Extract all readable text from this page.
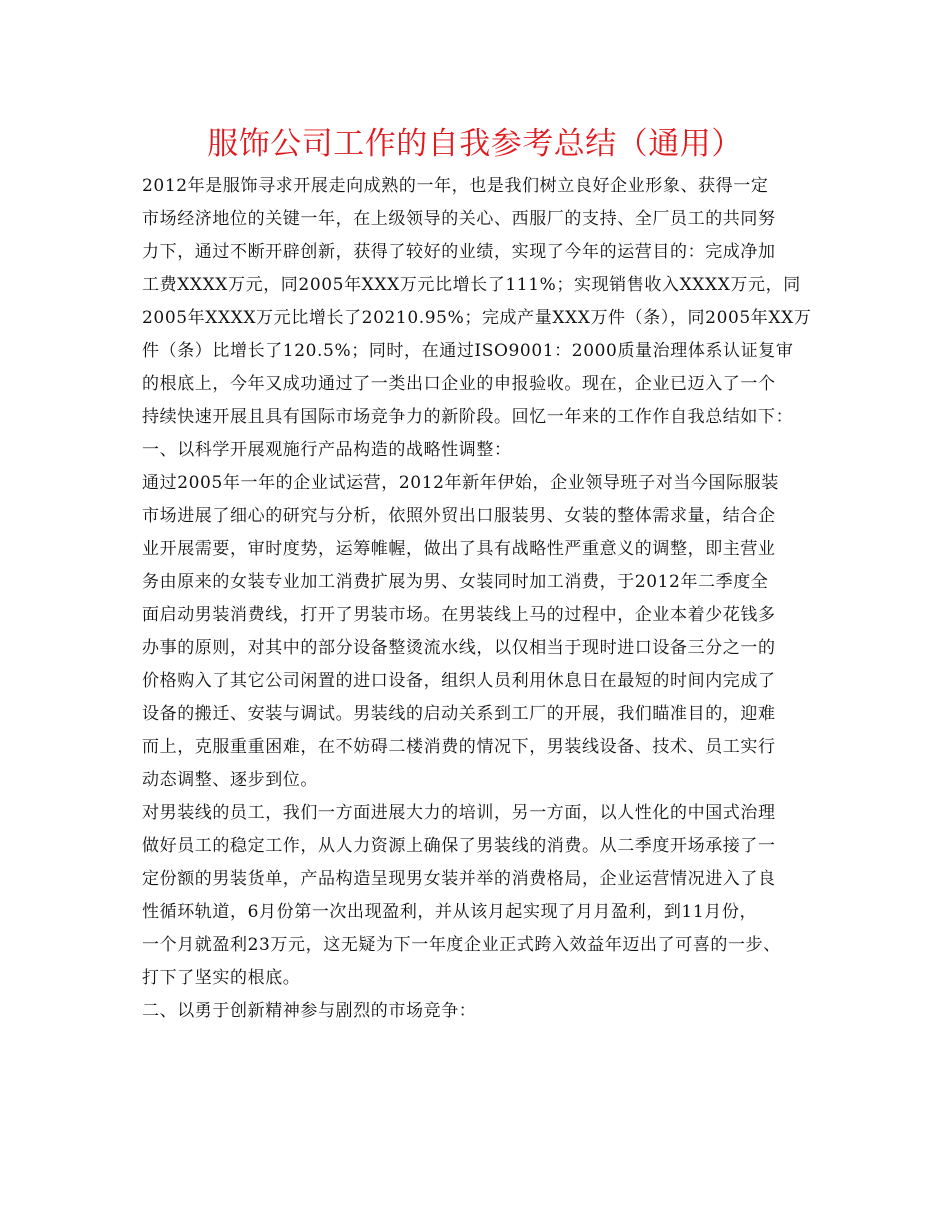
服饰公司工作的自我参考总结（通用）
2012年是服饰寻求开展走向成熟的一年，也是我们树立良好企业形象、获得一定
市场经济地位的关键一年，在上级领导的关心、西服厂的支持、全厂员工的共同努
力下，通过不断开辟创新，获得了较好的业绩，实现了今年的运营目的：完成净加
工费XXXX万元，同2005年XXX万元比增长了111%；实现销售收入XXXX万元，同
2005年XXXX万元比增长了20210.95%；完成产量XXX万件（条），同2005年XX万
件（条）比增长了120.5%；同时，在通过ISO9001：2000质量治理体系认证复审
的根底上，今年又成功通过了一类出口企业的申报验收。现在，企业已迈入了一个
持续快速开展且具有国际市场竞争力的新阶段。回忆一年来的工作作自我总结如下：
一、以科学开展观施行产品构造的战略性调整：
通过2005年一年的企业试运营，2012年新年伊始，企业领导班子对当今国际服装
市场进展了细心的研究与分析，依照外贸出口服装男、女装的整体需求量，结合企
业开展需要，审时度势，运筹帷幄，做出了具有战略性严重意义的调整，即主营业
务由原来的女装专业加工消费扩展为男、女装同时加工消费，于2012年二季度全
面启动男装消费线，打开了男装市场。在男装线上马的过程中，企业本着少花钱多
办事的原则，对其中的部分设备整烫流水线，以仅相当于现时进口设备三分之一的
价格购入了其它公司闲置的进口设备，组织人员利用休息日在最短的时间内完成了
设备的搬迁、安装与调试。男装线的启动关系到工厂的开展，我们瞄准目的，迎难
而上，克服重重困难，在不妨碍二楼消费的情况下，男装线设备、技术、员工实行
动态调整、逐步到位。
对男装线的员工，我们一方面进展大力的培训，另一方面，以人性化的中国式治理
做好员工的稳定工作，从人力资源上确保了男装线的消费。从二季度开场承接了一
定份额的男装货单，产品构造呈现男女装并举的消费格局，企业运营情况进入了良
性循环轨道，6月份第一次出现盈利，并从该月起实现了月月盈利，到11月份，
一个月就盈利23万元，这无疑为下一年度企业正式跨入效益年迈出了可喜的一步、
打下了坚实的根底。
二、以勇于创新精神参与剧烈的市场竞争：
